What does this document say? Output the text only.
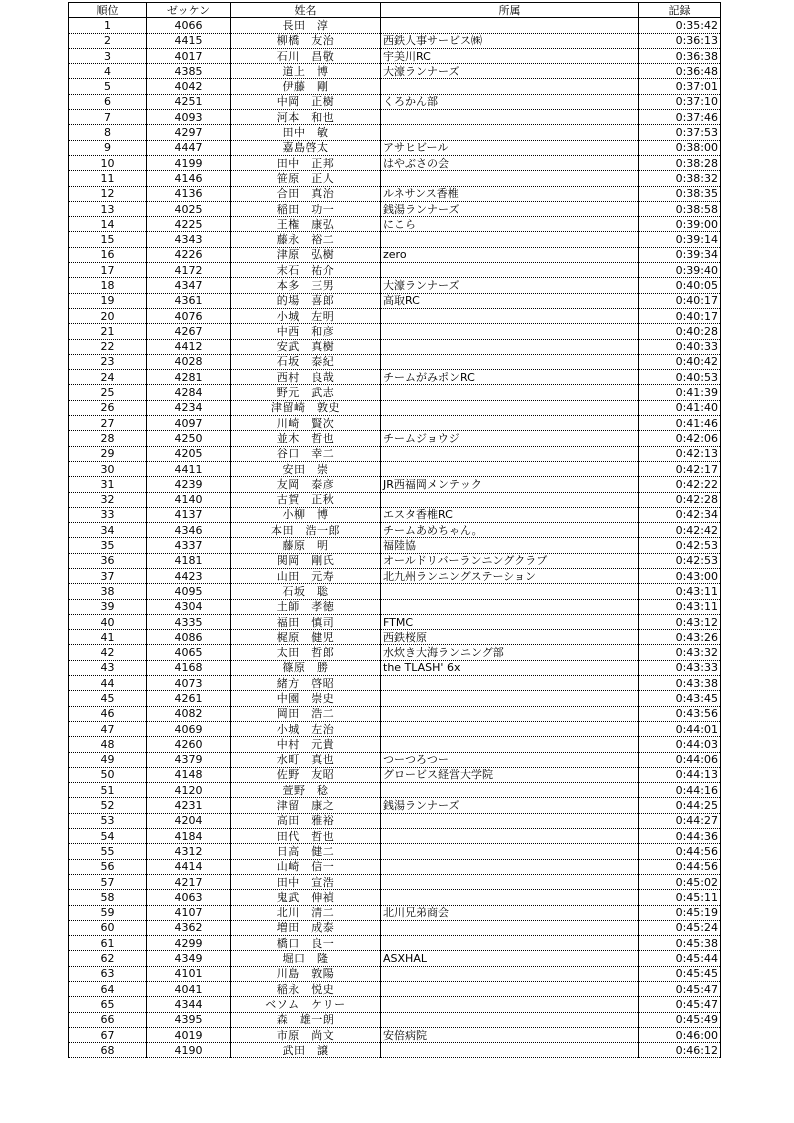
順位	ゼッケン	姓名	所属	記録
1	4066	長田　淳		0:35:42
2	4415	柳橋　友治	西鉄人事サービス㈱	0:36:13
3	4017	石川　昌敬	宇美川RC	0:36:38
4	4385	道上　博	大濠ランナーズ	0:36:48
5	4042	伊藤　剛		0:37:01
6	4251	中岡　正樹	くろかん部	0:37:10
7	4093	河本　和也		0:37:46
8	4297	田中　敏		0:37:53
9	4447	嘉島啓太	アサヒビール	0:38:00
10	4199	田中　正邦	はやぶさの会	0:38:28
11	4146	笹原　正人		0:38:32
12	4136	合田　真治	ルネサンス香椎	0:38:35
13	4025	稲田　功一	銭湯ランナーズ	0:38:58
14	4225	王権　康弘	にこら	0:39:00
15	4343	藤永　裕二		0:39:14
16	4226	津原　弘樹	zero	0:39:34
17	4172	末石　祐介		0:39:40
18	4347	本多　三男	大濠ランナーズ	0:40:05
19	4361	的場　喜郎	高取RC	0:40:17
20	4076	小城　左明		0:40:17
21	4267	中西　和彦		0:40:28
22	4412	安武　真樹		0:40:33
23	4028	石坂　泰紀		0:40:42
24	4281	西村　良哉	チームがみポンRC	0:40:53
25	4284	野元　武志		0:41:39
26	4234	津留崎　敦史		0:41:40
27	4097	川崎　賢次		0:41:46
28	4250	並木　哲也	チームジョウジ	0:42:06
29	4205	谷口　幸二		0:42:13
30	4411	安田　崇		0:42:17
31	4239	友岡　泰彦	JR西福岡メンテック	0:42:22
32	4140	古賀　正秋		0:42:28
33	4137	小柳　博	エスタ香椎RC	0:42:34
34	4346	本田　浩一郎	チームあめちゃん。	0:42:42
35	4337	藤原　明	福陸協	0:42:53
36	4181	関岡　剛氏	オールドリバーランニングクラブ	0:42:53
37	4423	山田　元寿	北九州ランニングステーション	0:43:00
38	4095	石坂　聡		0:43:11
39	4304	土師　孝徳		0:43:11
40	4335	福田　慎司	FTMC	0:43:12
41	4086	梶原　健児	西鉄桜原	0:43:26
42	4065	太田　哲郎	水炊き大海ランニング部	0:43:32
43	4168	篠原　勝	the TLASH' 6x	0:43:33
44	4073	緒方　啓昭		0:43:38
45	4261	中園　崇史		0:43:45
46	4082	岡田　浩二		0:43:56
47	4069	小城　左治		0:44:01
48	4260	中村　元貴		0:44:03
49	4379	水町　真也	つーつろつー	0:44:06
50	4148	佐野　友昭	グロービス経営大学院	0:44:13
51	4120	萱野　稔		0:44:16
52	4231	津留　康之	銭湯ランナーズ	0:44:25
53	4204	高田　雅裕		0:44:27
54	4184	田代　哲也		0:44:36
55	4312	日高　健二		0:44:56
56	4414	山崎　信一		0:44:56
57	4217	田中　宣浩		0:45:02
58	4063	鬼武　伸禎		0:45:11
59	4107	北川　清二	北川兄弟商会	0:45:19
60	4362	増田　成泰		0:45:24
61	4299	橋口　良一		0:45:38
62	4349	堀口　隆	ASXHAL	0:45:44
63	4101	川島　敦陽		0:45:45
64	4041	稲永　悦史		0:45:47
65	4344	ベソム　ケリー		0:45:47
66	4395	森　雄一朗		0:45:49
67	4019	市原　尚文	安倍病院	0:46:00
68	4190	武田　譲		0:46:12
